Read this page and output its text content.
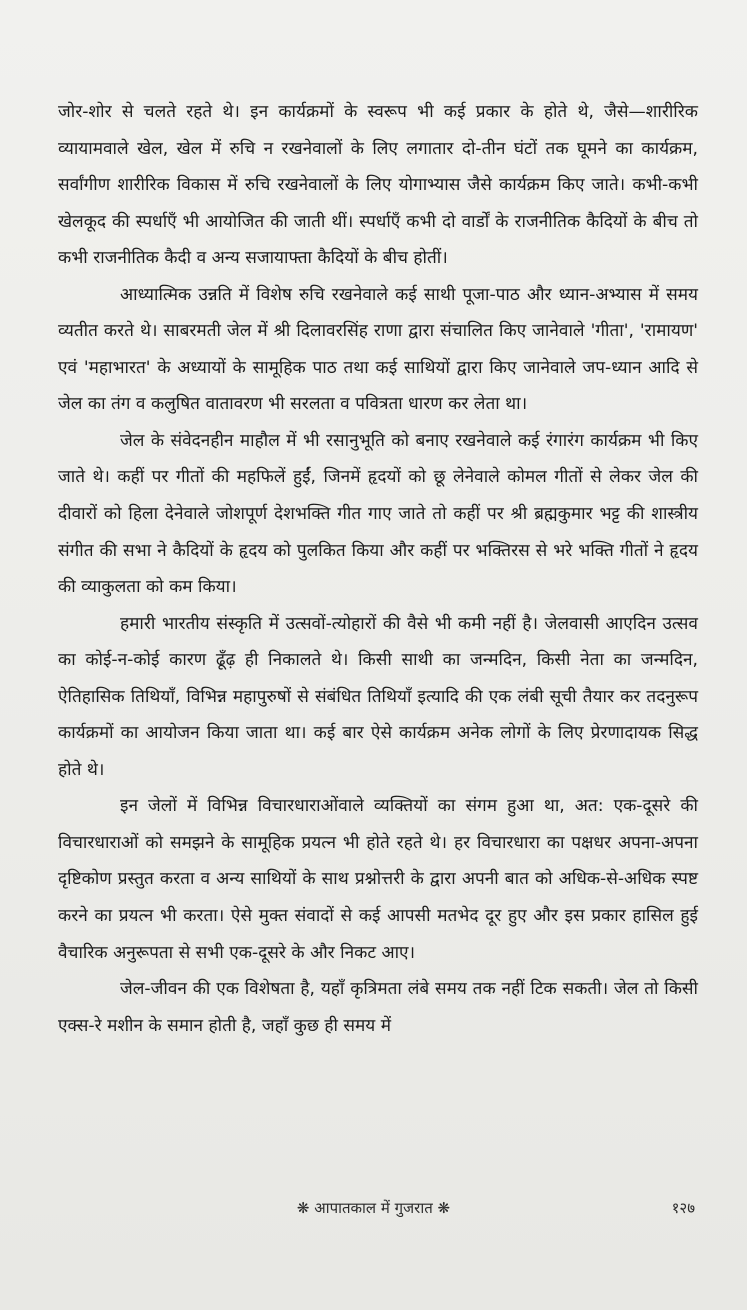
जोर-शोर से चलते रहते थे। इन कार्यक्रमों के स्वरूप भी कई प्रकार के होते थे, जैसे—शारीरिक व्यायामवाले खेल, खेल में रुचि न रखनेवालों के लिए लगातार दो-तीन घंटों तक घूमने का कार्यक्रम, सर्वांगीण शारीरिक विकास में रुचि रखनेवालों के लिए योगाभ्यास जैसे कार्यक्रम किए जाते। कभी-कभी खेलकूद की स्पर्धाएँ भी आयोजित की जाती थीं। स्पर्धाएँ कभी दो वार्डों के राजनीतिक कैदियों के बीच तो कभी राजनीतिक कैदी व अन्य सजायाफ्ता कैदियों के बीच होतीं।

आध्यात्मिक उन्नति में विशेष रुचि रखनेवाले कई साथी पूजा-पाठ और ध्यान-अभ्यास में समय व्यतीत करते थे। साबरमती जेल में श्री दिलावरसिंह राणा द्वारा संचालित किए जानेवाले 'गीता', 'रामायण' एवं 'महाभारत' के अध्यायों के सामूहिक पाठ तथा कई साथियों द्वारा किए जानेवाले जप-ध्यान आदि से जेल का तंग व कलुषित वातावरण भी सरलता व पवित्रता धारण कर लेता था।

जेल के संवेदनहीन माहौल में भी रसानुभूति को बनाए रखनेवाले कई रंगारंग कार्यक्रम भी किए जाते थे। कहीं पर गीतों की महफिलें हुईं, जिनमें हृदयों को छू लेनेवाले कोमल गीतों से लेकर जेल की दीवारों को हिला देनेवाले जोशपूर्ण देशभक्ति गीत गाए जाते तो कहीं पर श्री ब्रह्मकुमार भट्ट की शास्त्रीय संगीत की सभा ने कैदियों के हृदय को पुलकित किया और कहीं पर भक्तिरस से भरे भक्ति गीतों ने हृदय की व्याकुलता को कम किया।

हमारी भारतीय संस्कृति में उत्सवों-त्योहारों की वैसे भी कमी नहीं है। जेलवासी आएदिन उत्सव का कोई-न-कोई कारण ढूँढ़ ही निकालते थे। किसी साथी का जन्मदिन, किसी नेता का जन्मदिन, ऐतिहासिक तिथियाँ, विभिन्न महापुरुषों से संबंधित तिथियाँ इत्यादि की एक लंबी सूची तैयार कर तदनुरूप कार्यक्रमों का आयोजन किया जाता था। कई बार ऐसे कार्यक्रम अनेक लोगों के लिए प्रेरणादायक सिद्ध होते थे।

इन जेलों में विभिन्न विचारधाराओंवाले व्यक्तियों का संगम हुआ था, अत: एक-दूसरे की विचारधाराओं को समझने के सामूहिक प्रयत्न भी होते रहते थे। हर विचारधारा का पक्षधर अपना-अपना दृष्टिकोण प्रस्तुत करता व अन्य साथियों के साथ प्रश्नोत्तरी के द्वारा अपनी बात को अधिक-से-अधिक स्पष्ट करने का प्रयत्न भी करता। ऐसे मुक्त संवादों से कई आपसी मतभेद दूर हुए और इस प्रकार हासिल हुई वैचारिक अनुरूपता से सभी एक-दूसरे के और निकट आए।

जेल-जीवन की एक विशेषता है, यहाँ कृत्रिमता लंबे समय तक नहीं टिक सकती। जेल तो किसी एक्स-रे मशीन के समान होती है, जहाँ कुछ ही समय में

❋ आपातकाल में गुजरात ❋	१२७
